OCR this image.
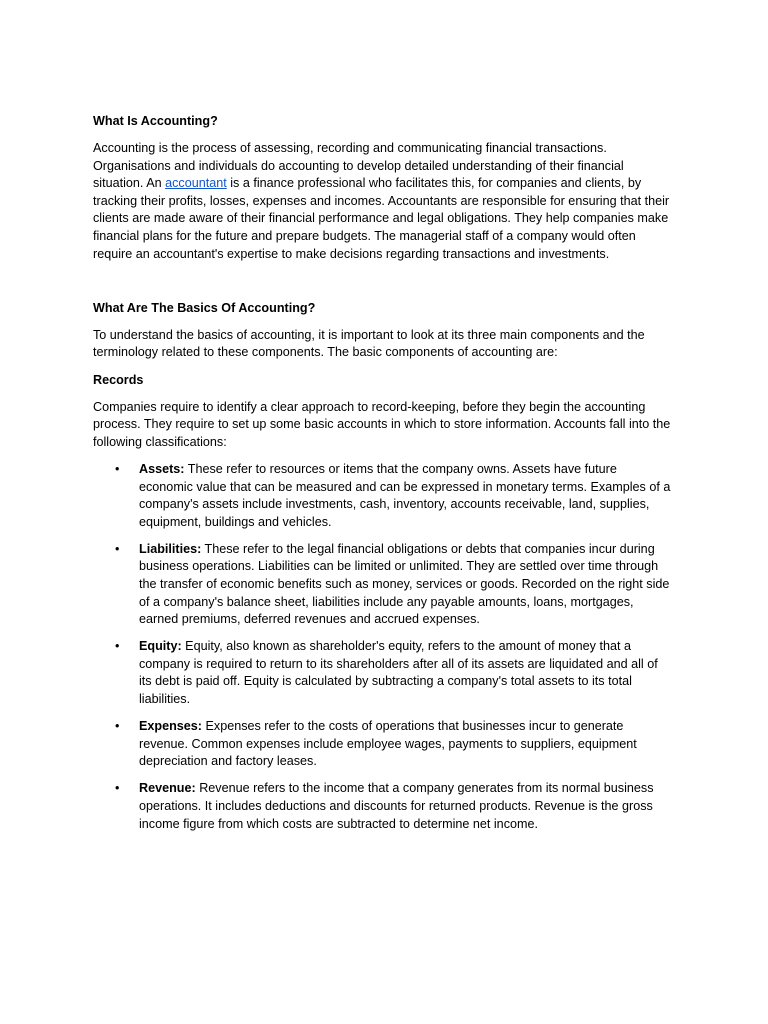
What Is Accounting?
Accounting is the process of assessing, recording and communicating financial transactions. Organisations and individuals do accounting to develop detailed understanding of their financial situation. An accountant is a finance professional who facilitates this, for companies and clients, by tracking their profits, losses, expenses and incomes. Accountants are responsible for ensuring that their clients are made aware of their financial performance and legal obligations. They help companies make financial plans for the future and prepare budgets. The managerial staff of a company would often require an accountant's expertise to make decisions regarding transactions and investments.
What Are The Basics Of Accounting?
To understand the basics of accounting, it is important to look at its three main components and the terminology related to these components. The basic components of accounting are:
Records
Companies require to identify a clear approach to record-keeping, before they begin the accounting process. They require to set up some basic accounts in which to store information. Accounts fall into the following classifications:
• Assets: These refer to resources or items that the company owns. Assets have future economic value that can be measured and can be expressed in monetary terms. Examples of a company's assets include investments, cash, inventory, accounts receivable, land, supplies, equipment, buildings and vehicles.
• Liabilities: These refer to the legal financial obligations or debts that companies incur during business operations. Liabilities can be limited or unlimited. They are settled over time through the transfer of economic benefits such as money, services or goods. Recorded on the right side of a company's balance sheet, liabilities include any payable amounts, loans, mortgages, earned premiums, deferred revenues and accrued expenses.
• Equity: Equity, also known as shareholder's equity, refers to the amount of money that a company is required to return to its shareholders after all of its assets are liquidated and all of its debt is paid off. Equity is calculated by subtracting a company's total assets to its total liabilities.
• Expenses: Expenses refer to the costs of operations that businesses incur to generate revenue. Common expenses include employee wages, payments to suppliers, equipment depreciation and factory leases.
• Revenue: Revenue refers to the income that a company generates from its normal business operations. It includes deductions and discounts for returned products. Revenue is the gross income figure from which costs are subtracted to determine net income.
